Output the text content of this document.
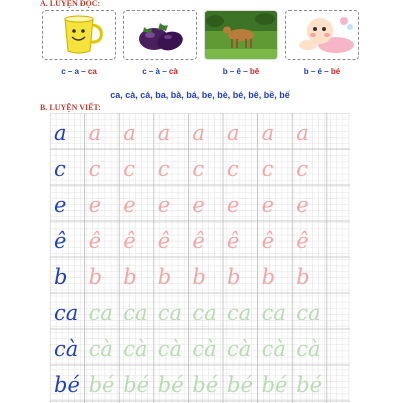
A. LUYỆN ĐỌC:
c – a – ca	c – à – cà	b – ê – bê	b – é – bé
ca, cà, cá, ba, bà, bá, be, bè, bé, bê, bề, bế
B. LUYỆN VIẾT:
a a a a a a a a
c c c c c c c c
e e e e e e e e
ê ê ê ê ê ê ê ê
b b b b b b b b
ca ca ca ca ca ca ca ca
cà cà cà cà cà cà cà cà
bé bé bé bé bé bé bé bé
